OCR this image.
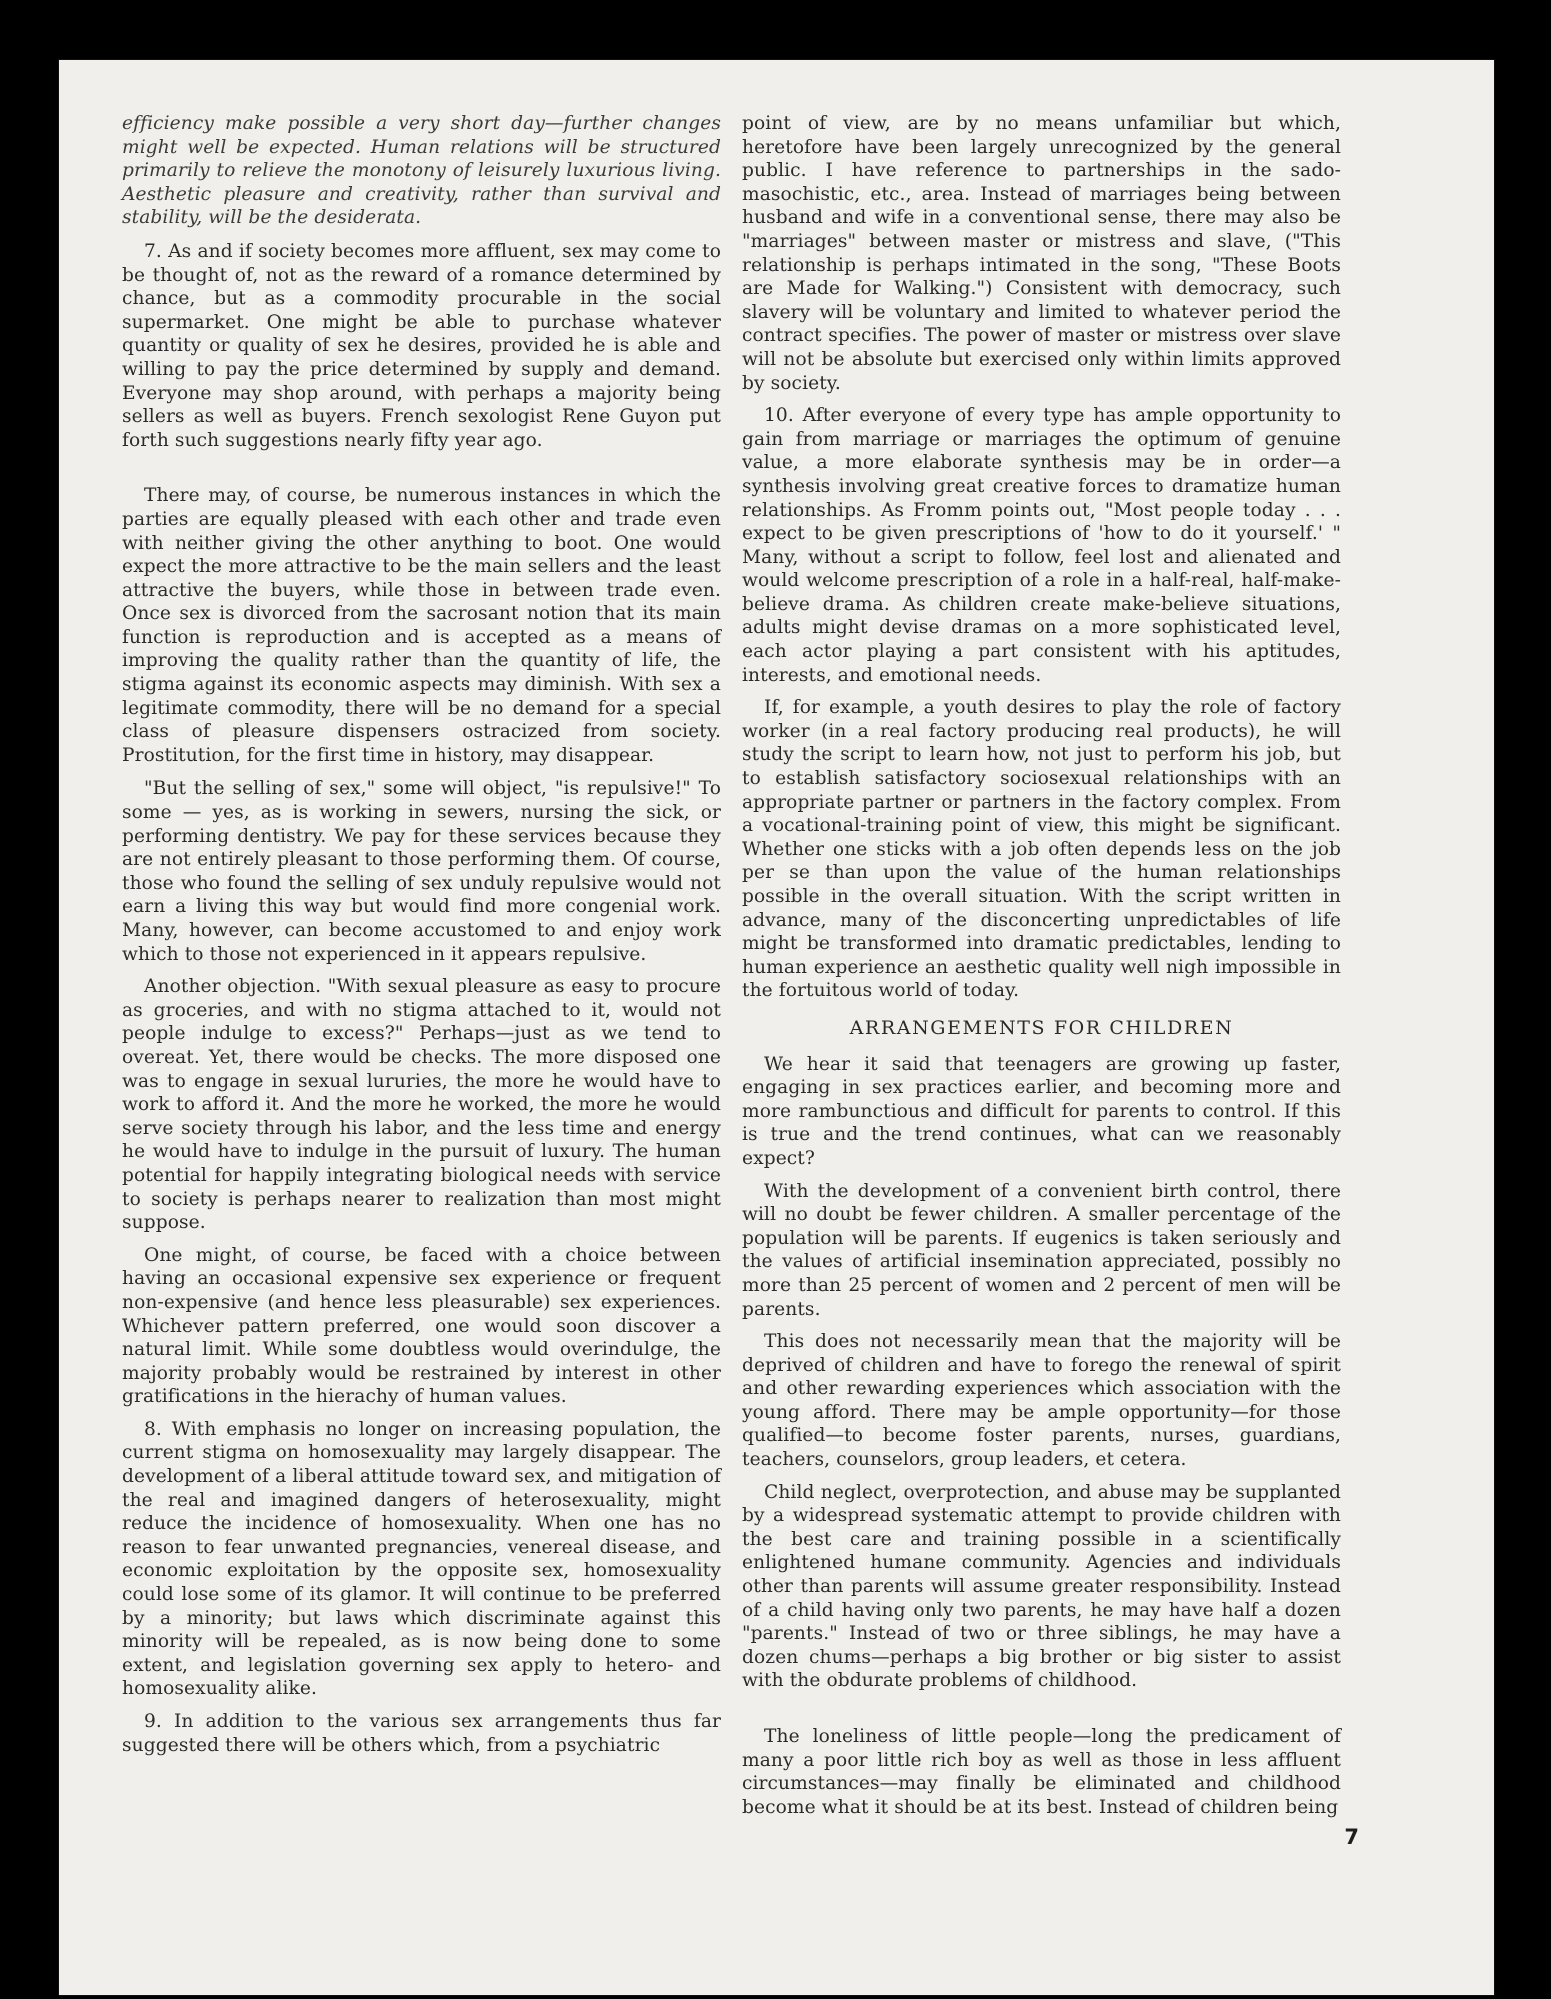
efficiency make possible a very short day—further changes might well be expected. Human relations will be structured primarily to relieve the monotony of leisurely luxurious living. Aesthetic pleasure and creativity, rather than survival and stability, will be the desiderata.

7. As and if society becomes more affluent, sex may come to be thought of, not as the reward of a romance determined by chance, but as a commodity procurable in the social supermarket. One might be able to purchase whatever quantity or quality of sex he desires, provided he is able and willing to pay the price determined by supply and demand. Everyone may shop around, with perhaps a majority being sellers as well as buyers. French sexologist Rene Guyon put forth such suggestions nearly fifty year ago.

There may, of course, be numerous instances in which the parties are equally pleased with each other and trade even with neither giving the other anything to boot. One would expect the more attractive to be the main sellers and the least attractive the buyers, while those in between trade even. Once sex is divorced from the sacrosant notion that its main function is reproduction and is accepted as a means of improving the quality rather than the quantity of life, the stigma against its economic aspects may diminish. With sex a legitimate commodity, there will be no demand for a special class of pleasure dispensers ostracized from society. Prostitution, for the first time in history, may disappear.

"But the selling of sex," some will object, "is repulsive!" To some — yes, as is working in sewers, nursing the sick, or performing dentistry. We pay for these services because they are not entirely pleasant to those performing them. Of course, those who found the selling of sex unduly repulsive would not earn a living this way but would find more congenial work. Many, however, can become accustomed to and enjoy work which to those not experienced in it appears repulsive.

Another objection. "With sexual pleasure as easy to procure as groceries, and with no stigma attached to it, would not people indulge to excess?" Perhaps—just as we tend to overeat. Yet, there would be checks. The more disposed one was to engage in sexual lururies, the more he would have to work to afford it. And the more he worked, the more he would serve society through his labor, and the less time and energy he would have to indulge in the pursuit of luxury. The human potential for happily integrating biological needs with service to society is perhaps nearer to realization than most might suppose.

One might, of course, be faced with a choice between having an occasional expensive sex experience or frequent non-expensive (and hence less pleasurable) sex experiences. Whichever pattern preferred, one would soon discover a natural limit. While some doubtless would overindulge, the majority probably would be restrained by interest in other gratifications in the hierachy of human values.

8. With emphasis no longer on increasing population, the current stigma on homosexuality may largely disappear. The development of a liberal attitude toward sex, and mitigation of the real and imagined dangers of heterosexuality, might reduce the incidence of homosexuality. When one has no reason to fear unwanted pregnancies, venereal disease, and economic exploitation by the opposite sex, homosexuality could lose some of its glamor. It will continue to be preferred by a minority; but laws which discriminate against this minority will be repealed, as is now being done to some extent, and legislation governing sex apply to hetero- and homosexuality alike.

9. In addition to the various sex arrangements thus far suggested there will be others which, from a psychiatric

point of view, are by no means unfamiliar but which, heretofore have been largely unrecognized by the general public. I have reference to partnerships in the sado-masochistic, etc., area. Instead of marriages being between husband and wife in a conventional sense, there may also be "marriages" between master or mistress and slave, ("This relationship is perhaps intimated in the song, "These Boots are Made for Walking.") Consistent with democracy, such slavery will be voluntary and limited to whatever period the contract specifies. The power of master or mistress over slave will not be absolute but exercised only within limits approved by society.

10. After everyone of every type has ample opportunity to gain from marriage or marriages the optimum of genuine value, a more elaborate synthesis may be in order—a synthesis involving great creative forces to dramatize human relationships. As Fromm points out, "Most people today . . . expect to be given prescriptions of 'how to do it yourself.' " Many, without a script to follow, feel lost and alienated and would welcome prescription of a role in a half-real, half-make-believe drama. As children create make-believe situations, adults might devise dramas on a more sophisticated level, each actor playing a part consistent with his aptitudes, interests, and emotional needs.

If, for example, a youth desires to play the role of factory worker (in a real factory producing real products), he will study the script to learn how, not just to perform his job, but to establish satisfactory sociosexual relationships with an appropriate partner or partners in the factory complex. From a vocational-training point of view, this might be significant. Whether one sticks with a job often depends less on the job per se than upon the value of the human relationships possible in the overall situation. With the script written in advance, many of the disconcerting unpredictables of life might be transformed into dramatic predictables, lending to human experience an aesthetic quality well nigh impossible in the fortuitous world of today.

ARRANGEMENTS FOR CHILDREN

We hear it said that teenagers are growing up faster, engaging in sex practices earlier, and becoming more and more rambunctious and difficult for parents to control. If this is true and the trend continues, what can we reasonably expect?

With the development of a convenient birth control, there will no doubt be fewer children. A smaller percentage of the population will be parents. If eugenics is taken seriously and the values of artificial insemination appreciated, possibly no more than 25 percent of women and 2 percent of men will be parents.

This does not necessarily mean that the majority will be deprived of children and have to forego the renewal of spirit and other rewarding experiences which association with the young afford. There may be ample opportunity—for those qualified—to become foster parents, nurses, guardians, teachers, counselors, group leaders, et cetera.

Child neglect, overprotection, and abuse may be supplanted by a widespread systematic attempt to provide children with the best care and training possible in a scientifically enlightened humane community. Agencies and individuals other than parents will assume greater responsibility. Instead of a child having only two parents, he may have half a dozen "parents." Instead of two or three siblings, he may have a dozen chums—perhaps a big brother or big sister to assist with the obdurate problems of childhood.

The loneliness of little people—long the predicament of many a poor little rich boy as well as those in less affluent circumstances—may finally be eliminated and childhood become what it should be at its best. Instead of children being

7
